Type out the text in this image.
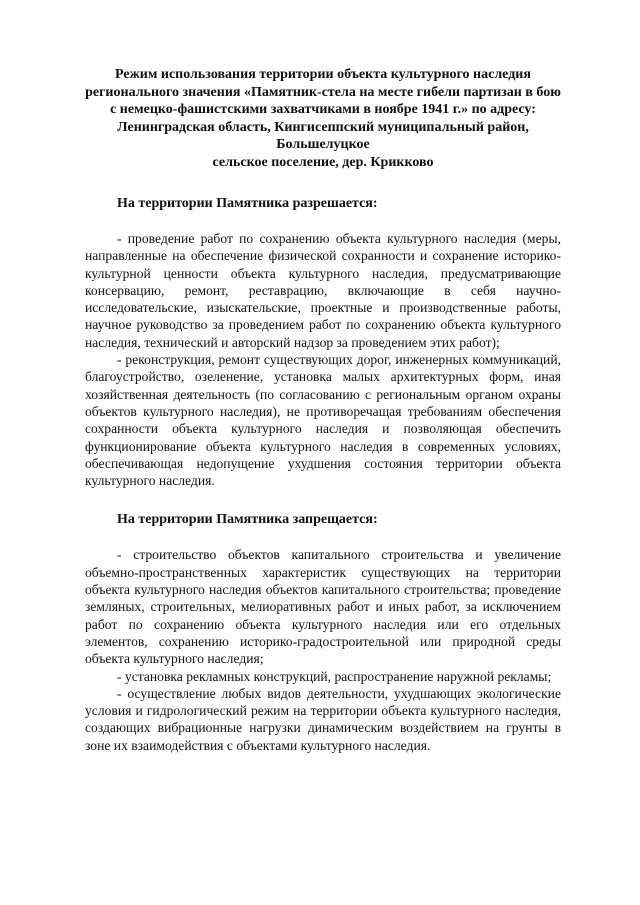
Режим использования территории объекта культурного наследия
регионального значения «Памятник-стела на месте гибели партизан в бою
с немецко-фашистскими захватчиками в ноябре 1941 г.» по адресу:
Ленинградская область, Кингисеппский муниципальный район, Большелуцкое
сельское поселение, дер. Крикково
На территории Памятника разрешается:

- проведение работ по сохранению объекта культурного наследия (меры, направленные на обеспечение физической сохранности и сохранение историко-культурной ценности объекта культурного наследия, предусматривающие консервацию, ремонт, реставрацию, включающие в себя научно-исследовательские, изыскательские, проектные и производственные работы, научное руководство за проведением работ по сохранению объекта культурного наследия, технический и авторский надзор за проведением этих работ);

- реконструкция, ремонт существующих дорог, инженерных коммуникаций, благоустройство, озеленение, установка малых архитектурных форм, иная хозяйственная деятельность (по согласованию с региональным органом охраны объектов культурного наследия), не противоречащая требованиям обеспечения сохранности объекта культурного наследия и позволяющая обеспечить функционирование объекта культурного наследия в современных условиях, обеспечивающая недопущение ухудшения состояния территории объекта культурного наследия.

На территории Памятника запрещается:

- строительство объектов капитального строительства и увеличение объемно-пространственных характеристик существующих на территории объекта культурного наследия объектов капитального строительства; проведение земляных, строительных, мелиоративных работ и иных работ, за исключением работ по сохранению объекта культурного наследия или его отдельных элементов, сохранению историко-градостроительной или природной среды объекта культурного наследия;

- установка рекламных конструкций, распространение наружной рекламы;

- осуществление любых видов деятельности, ухудшающих экологические условия и гидрологический режим на территории объекта культурного наследия, создающих вибрационные нагрузки динамическим воздействием на грунты в зоне их взаимодействия с объектами культурного наследия.
